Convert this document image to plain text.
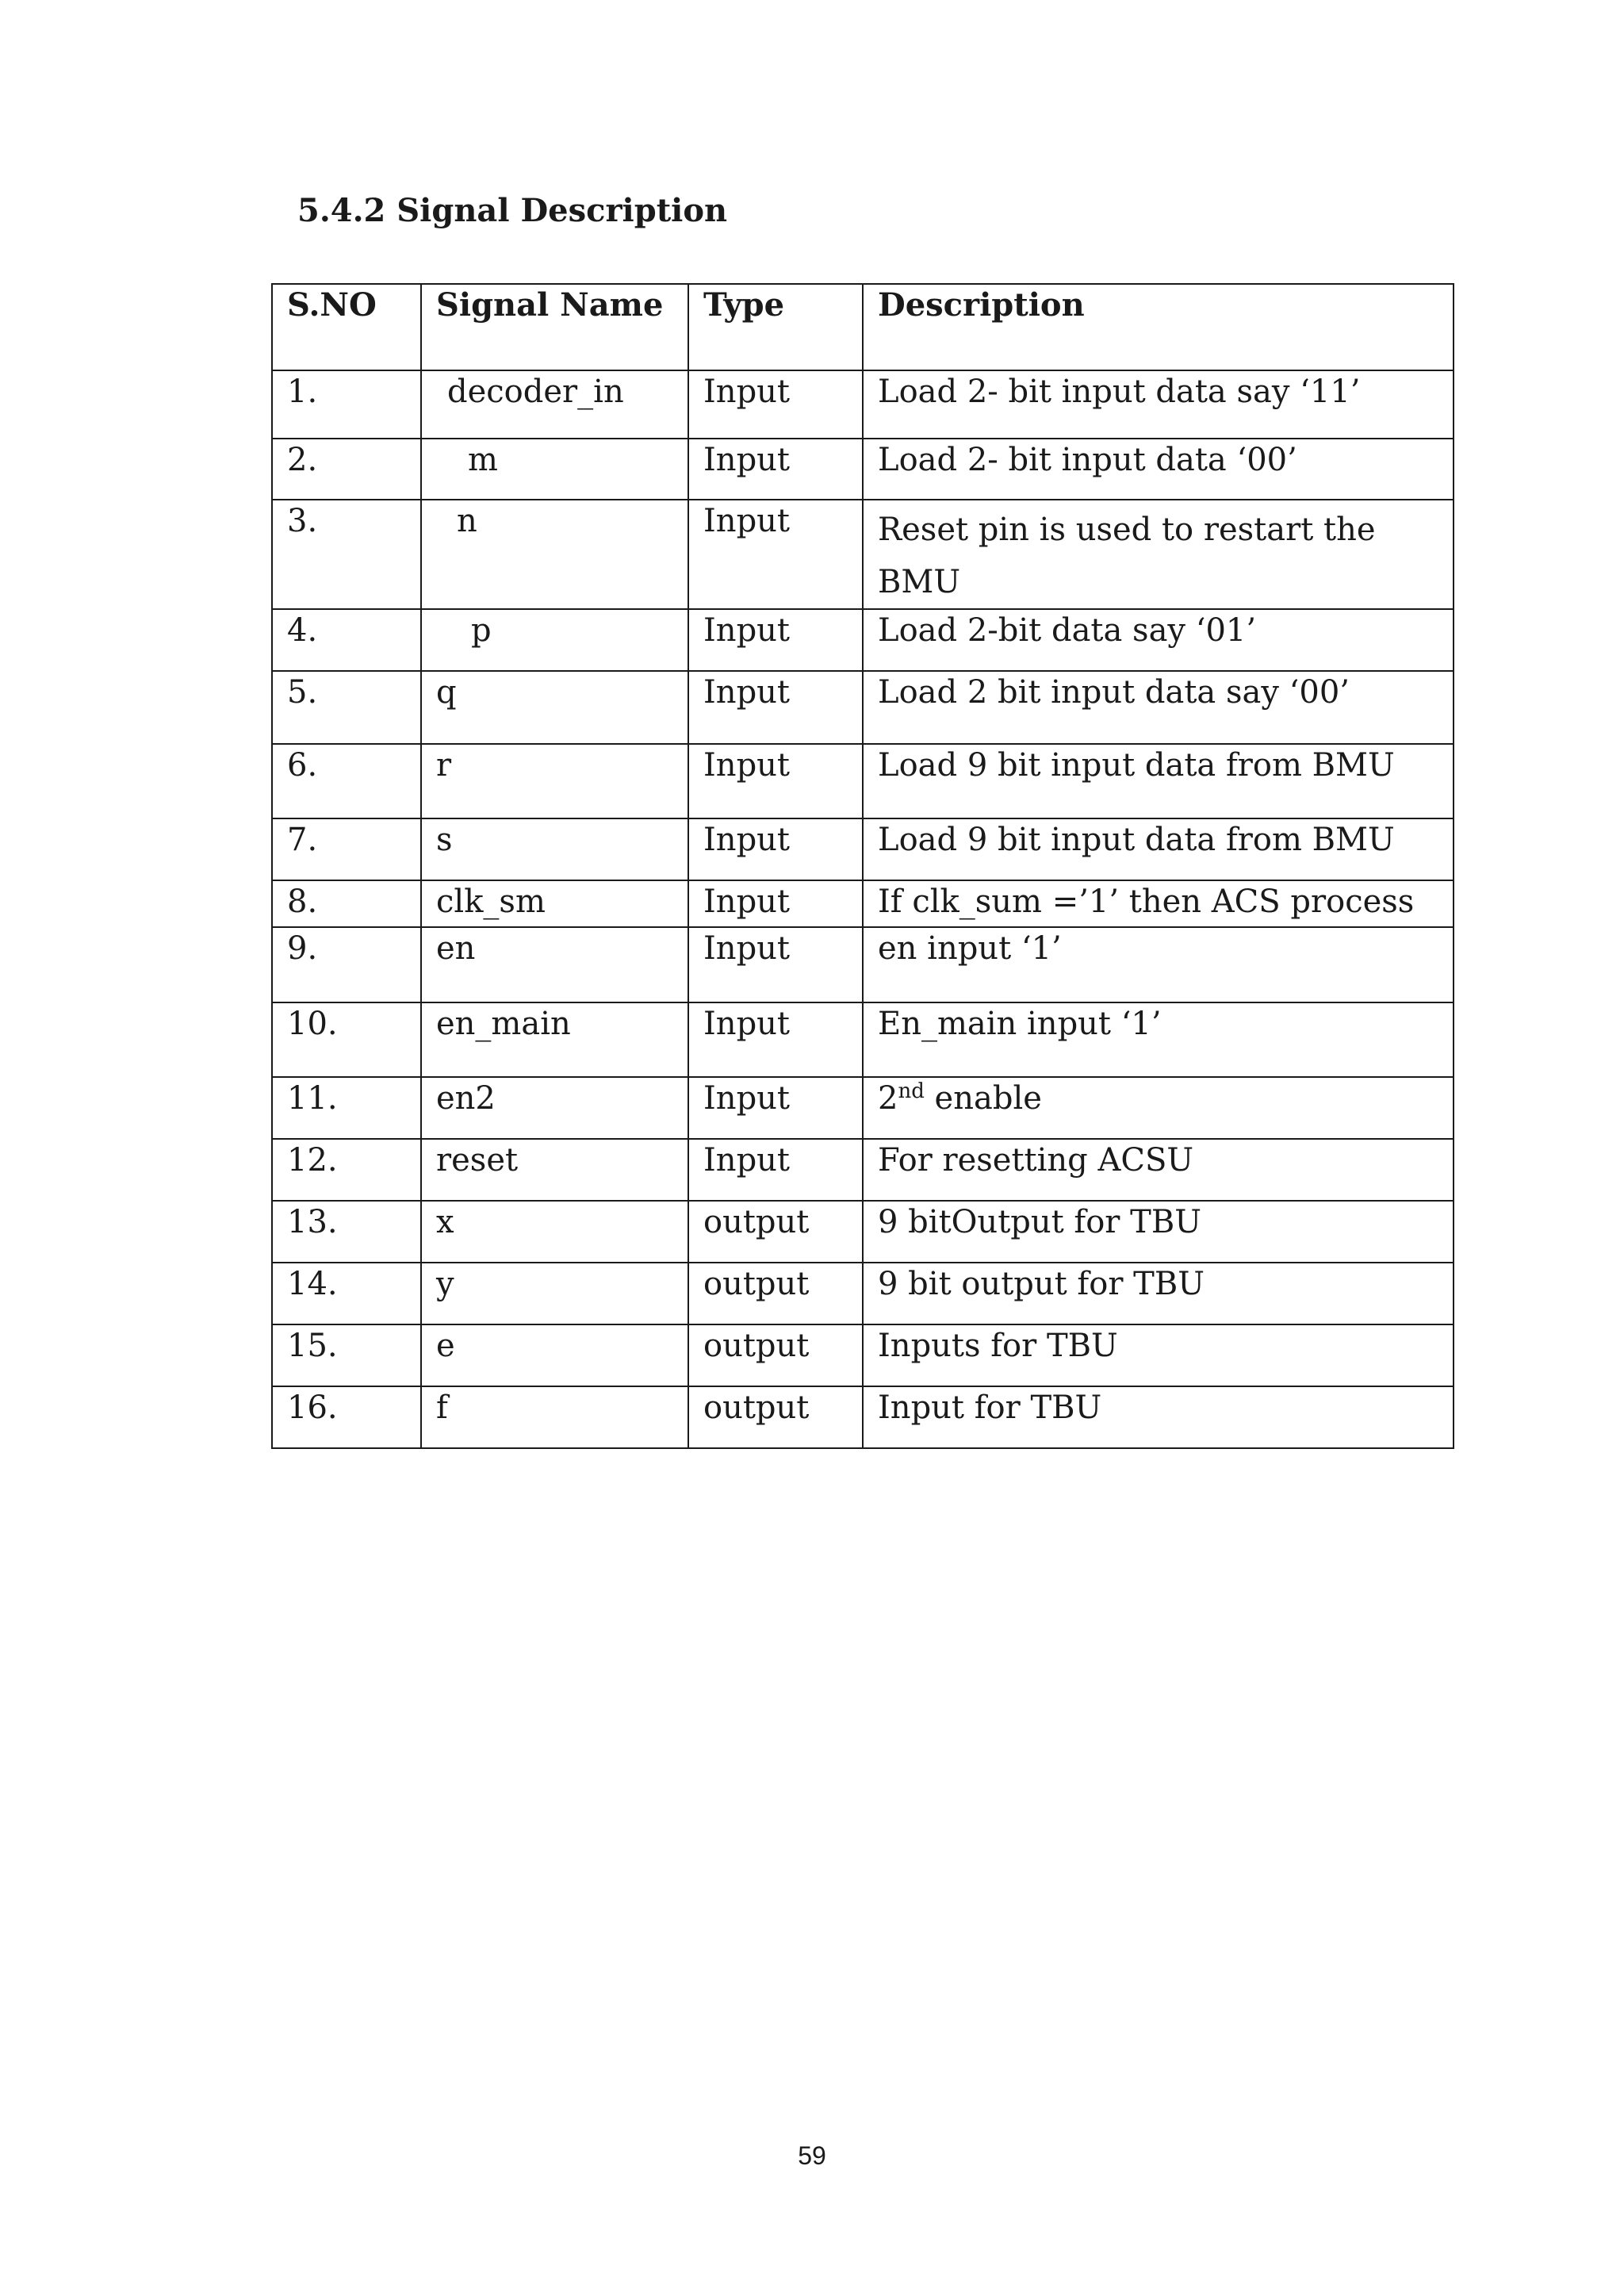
5.4.2 Signal Description
S.NO	Signal Name	Type	Description
1.	decoder_in	Input	Load 2- bit input data say ‘11’
2.	m	Input	Load 2- bit input data ‘00’
3.	n	Input	Reset pin is used to restart the BMU
4.	p	Input	Load 2-bit data say ‘01’
5.	q	Input	Load 2 bit input data say ‘00’
6.	r	Input	Load 9 bit input data from BMU
7.	s	Input	Load 9 bit input data from BMU
8.	clk_sm	Input	If clk_sum =’1’ then ACS process
9.	en	Input	en input ‘1’
10.	en_main	Input	En_main input ‘1’
11.	en2	Input	2nd enable
12.	reset	Input	For resetting ACSU
13.	x	output	9 bitOutput for TBU
14.	y	output	9 bit output for TBU
15.	e	output	Inputs for TBU
16.	f	output	Input for TBU
59
